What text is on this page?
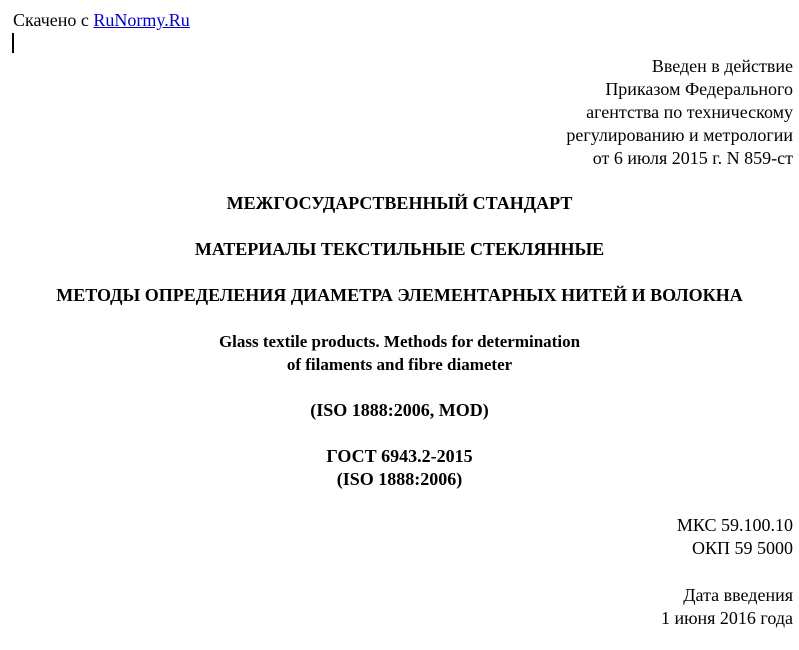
Скачено с RuNormy.Ru
Введен в действие
Приказом Федерального
агентства по техническому
регулированию и метрологии
от 6 июля 2015 г. N 859-ст
МЕЖГОСУДАРСТВЕННЫЙ СТАНДАРТ
МАТЕРИАЛЫ ТЕКСТИЛЬНЫЕ СТЕКЛЯННЫЕ
МЕТОДЫ ОПРЕДЕЛЕНИЯ ДИАМЕТРА ЭЛЕМЕНТАРНЫХ НИТЕЙ И ВОЛОКНА
Glass textile products. Methods for determination
of filaments and fibre diameter
(ISO 1888:2006, MOD)
ГОСТ 6943.2-2015
(ISO 1888:2006)
МКС 59.100.10
ОКП 59 5000
Дата введения
1 июня 2016 года
